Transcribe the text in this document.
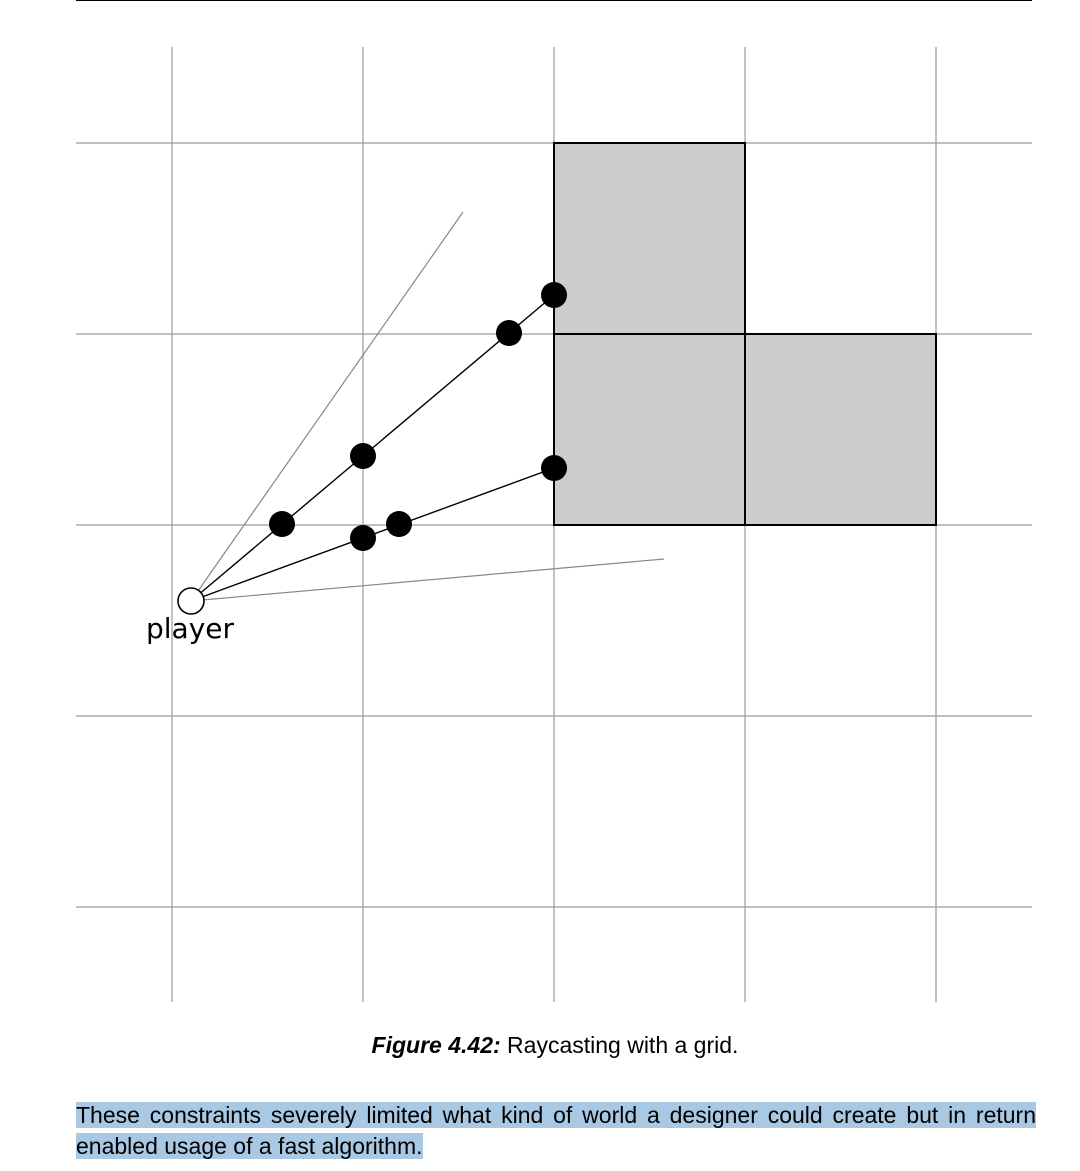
player
Figure 4.42: Raycasting with a grid.

These constraints severely limited what kind of world a designer could create but in return enabled usage of a fast algorithm.
